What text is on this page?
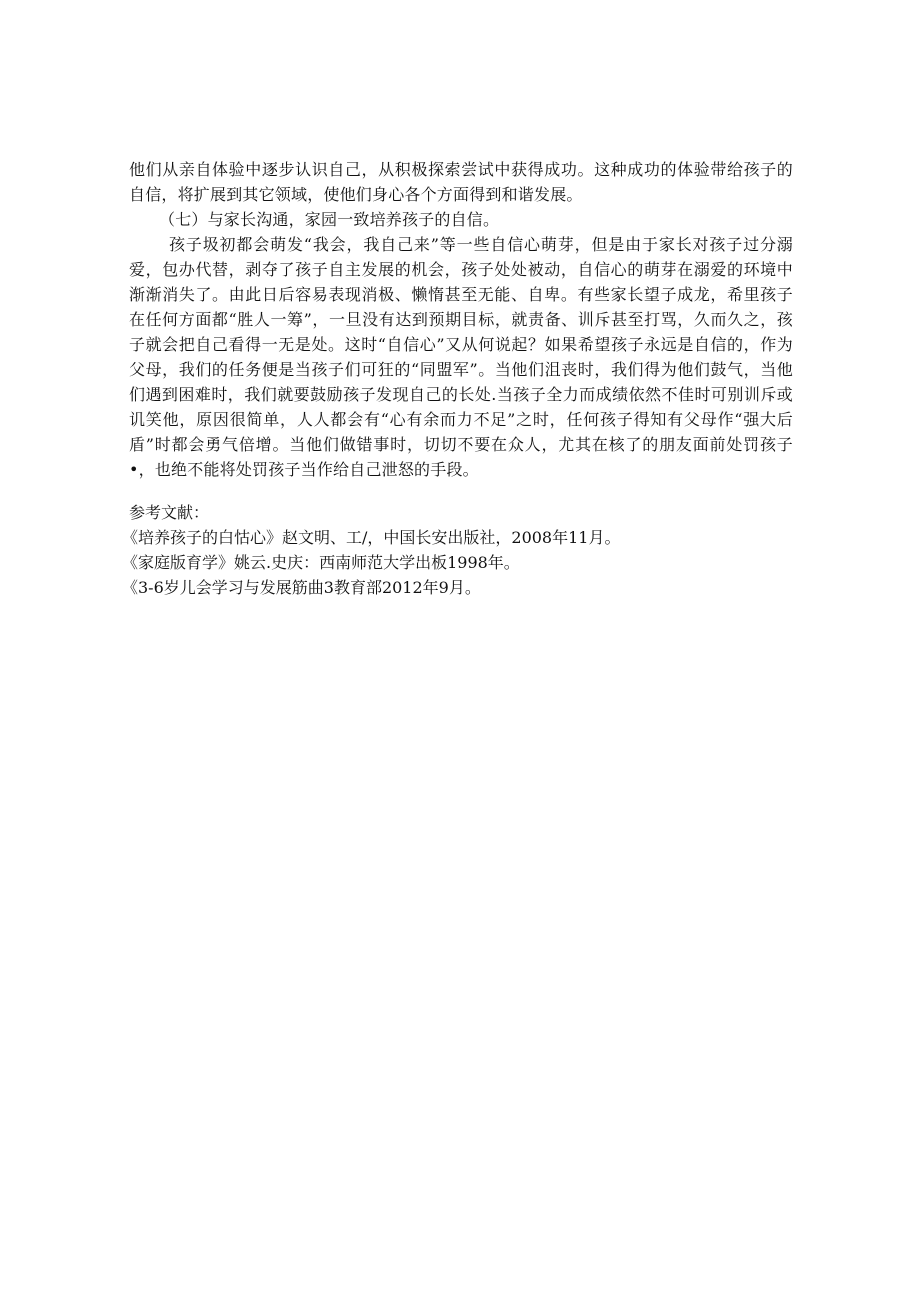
他们从亲自体验中逐步认识自己，从积极探索尝试中获得成功。这种成功的体验带给孩子的自信，将扩展到其它领域，使他们身心各个方面得到和谐发展。

（七）与家长沟通，家园一致培养孩子的自信。

孩子圾初都会萌发“我会，我自己来”等一些自信心萌芽，但是由于家长对孩子过分溺爱，包办代替，剥夺了孩子自主发展的机会，孩子处处被动，自信心的萌芽在溺爱的环境中渐渐消失了。由此日后容易表现消极、懒惰甚至无能、自卑。有些家长望子成龙，希里孩子在任何方面都“胜人一筹”，一旦没有达到预期目标，就责备、训斥甚至打骂，久而久之，孩子就会把自己看得一无是处。这时“自信心”又从何说起？如果希望孩子永远是自信的，作为父母，我们的任务便是当孩子们可狂的“同盟军”。当他们沮丧时，我们得为他们鼓气，当他们遇到困难时，我们就要鼓励孩子发现自己的长处.当孩子全力而成绩依然不佳时可别训斥或讥笑他，原因很简单，人人都会有“心有余而力不足”之时，任何孩子得知有父母作“强大后盾”时都会勇气倍增。当他们做错事时，切切不要在众人，尤其在核了的朋友面前处罚孩子•，也绝不能将处罚孩子当作给自己泄怒的手段。

参考文献：

《培养孩子的白怙心》赵文明、工/，中国长安出版社，2008年11月。
《家庭版育学》姚云.史庆：西南师范大学出板1998年。
《3-6岁儿会学习与发展筋曲3教育部2012年9月。
